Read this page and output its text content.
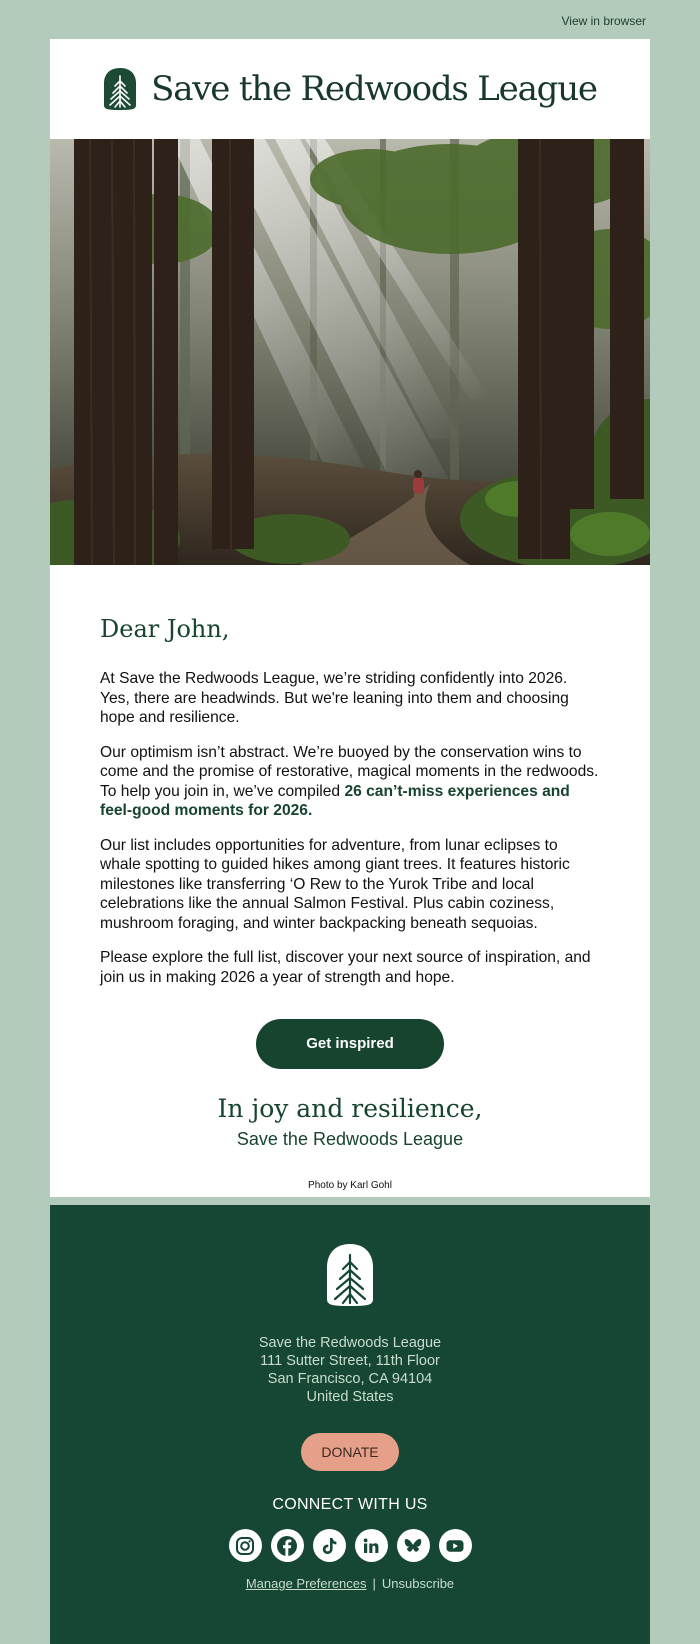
View in browser
Save the Redwoods League
Dear John,

At Save the Redwoods League, we’re striding confidently into 2026. Yes, there are headwinds. But we're leaning into them and choosing hope and resilience.

Our optimism isn’t abstract. We’re buoyed by the conservation wins to come and the promise of restorative, magical moments in the redwoods. To help you join in, we’ve compiled 26 can’t-miss experiences and feel-good moments for 2026.

Our list includes opportunities for adventure, from lunar eclipses to whale spotting to guided hikes among giant trees. It features historic milestones like transferring ‘O Rew to the Yurok Tribe and local celebrations like the annual Salmon Festival. Plus cabin coziness, mushroom foraging, and winter backpacking beneath sequoias.

Please explore the full list, discover your next source of inspiration, and join us in making 2026 a year of strength and hope.

Get inspired
In joy and resilience,
Save the Redwoods League
Photo by Karl Gohl
Save the Redwoods League
111 Sutter Street, 11th Floor
San Francisco, CA 94104
United States
DONATE
CONNECT WITH US
Manage Preferences | Unsubscribe
